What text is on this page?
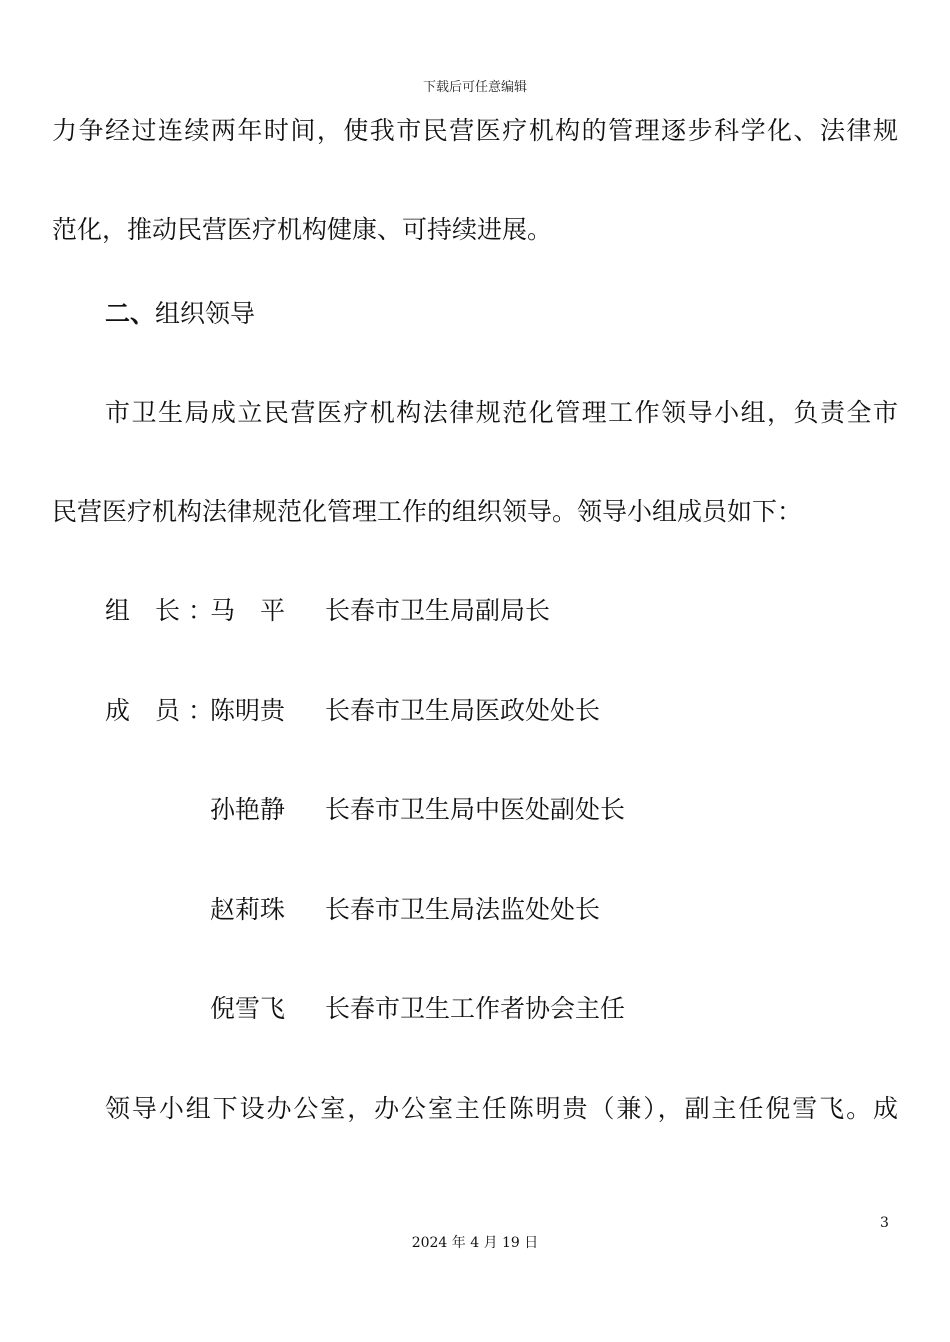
下载后可任意编辑
力争经过连续两年时间，使我市民营医疗机构的管理逐步科学化、法律规
范化，推动民营医疗机构健康、可持续进展。
二、组织领导
市卫生局成立民营医疗机构法律规范化管理工作领导小组，负责全市
民营医疗机构法律规范化管理工作的组织领导。领导小组成员如下：
组 长 ：
马　平 长春市卫生局副局长
成 员 ：
陈明贵 长春市卫生局医政处处长
孙艳静 长春市卫生局中医处副处长
赵莉珠 长春市卫生局法监处处长
倪雪飞 长春市卫生工作者协会主任
领导小组下设办公室，办公室主任陈明贵（兼），副主任倪雪飞。成
3
2024 年 4 月 19 日
